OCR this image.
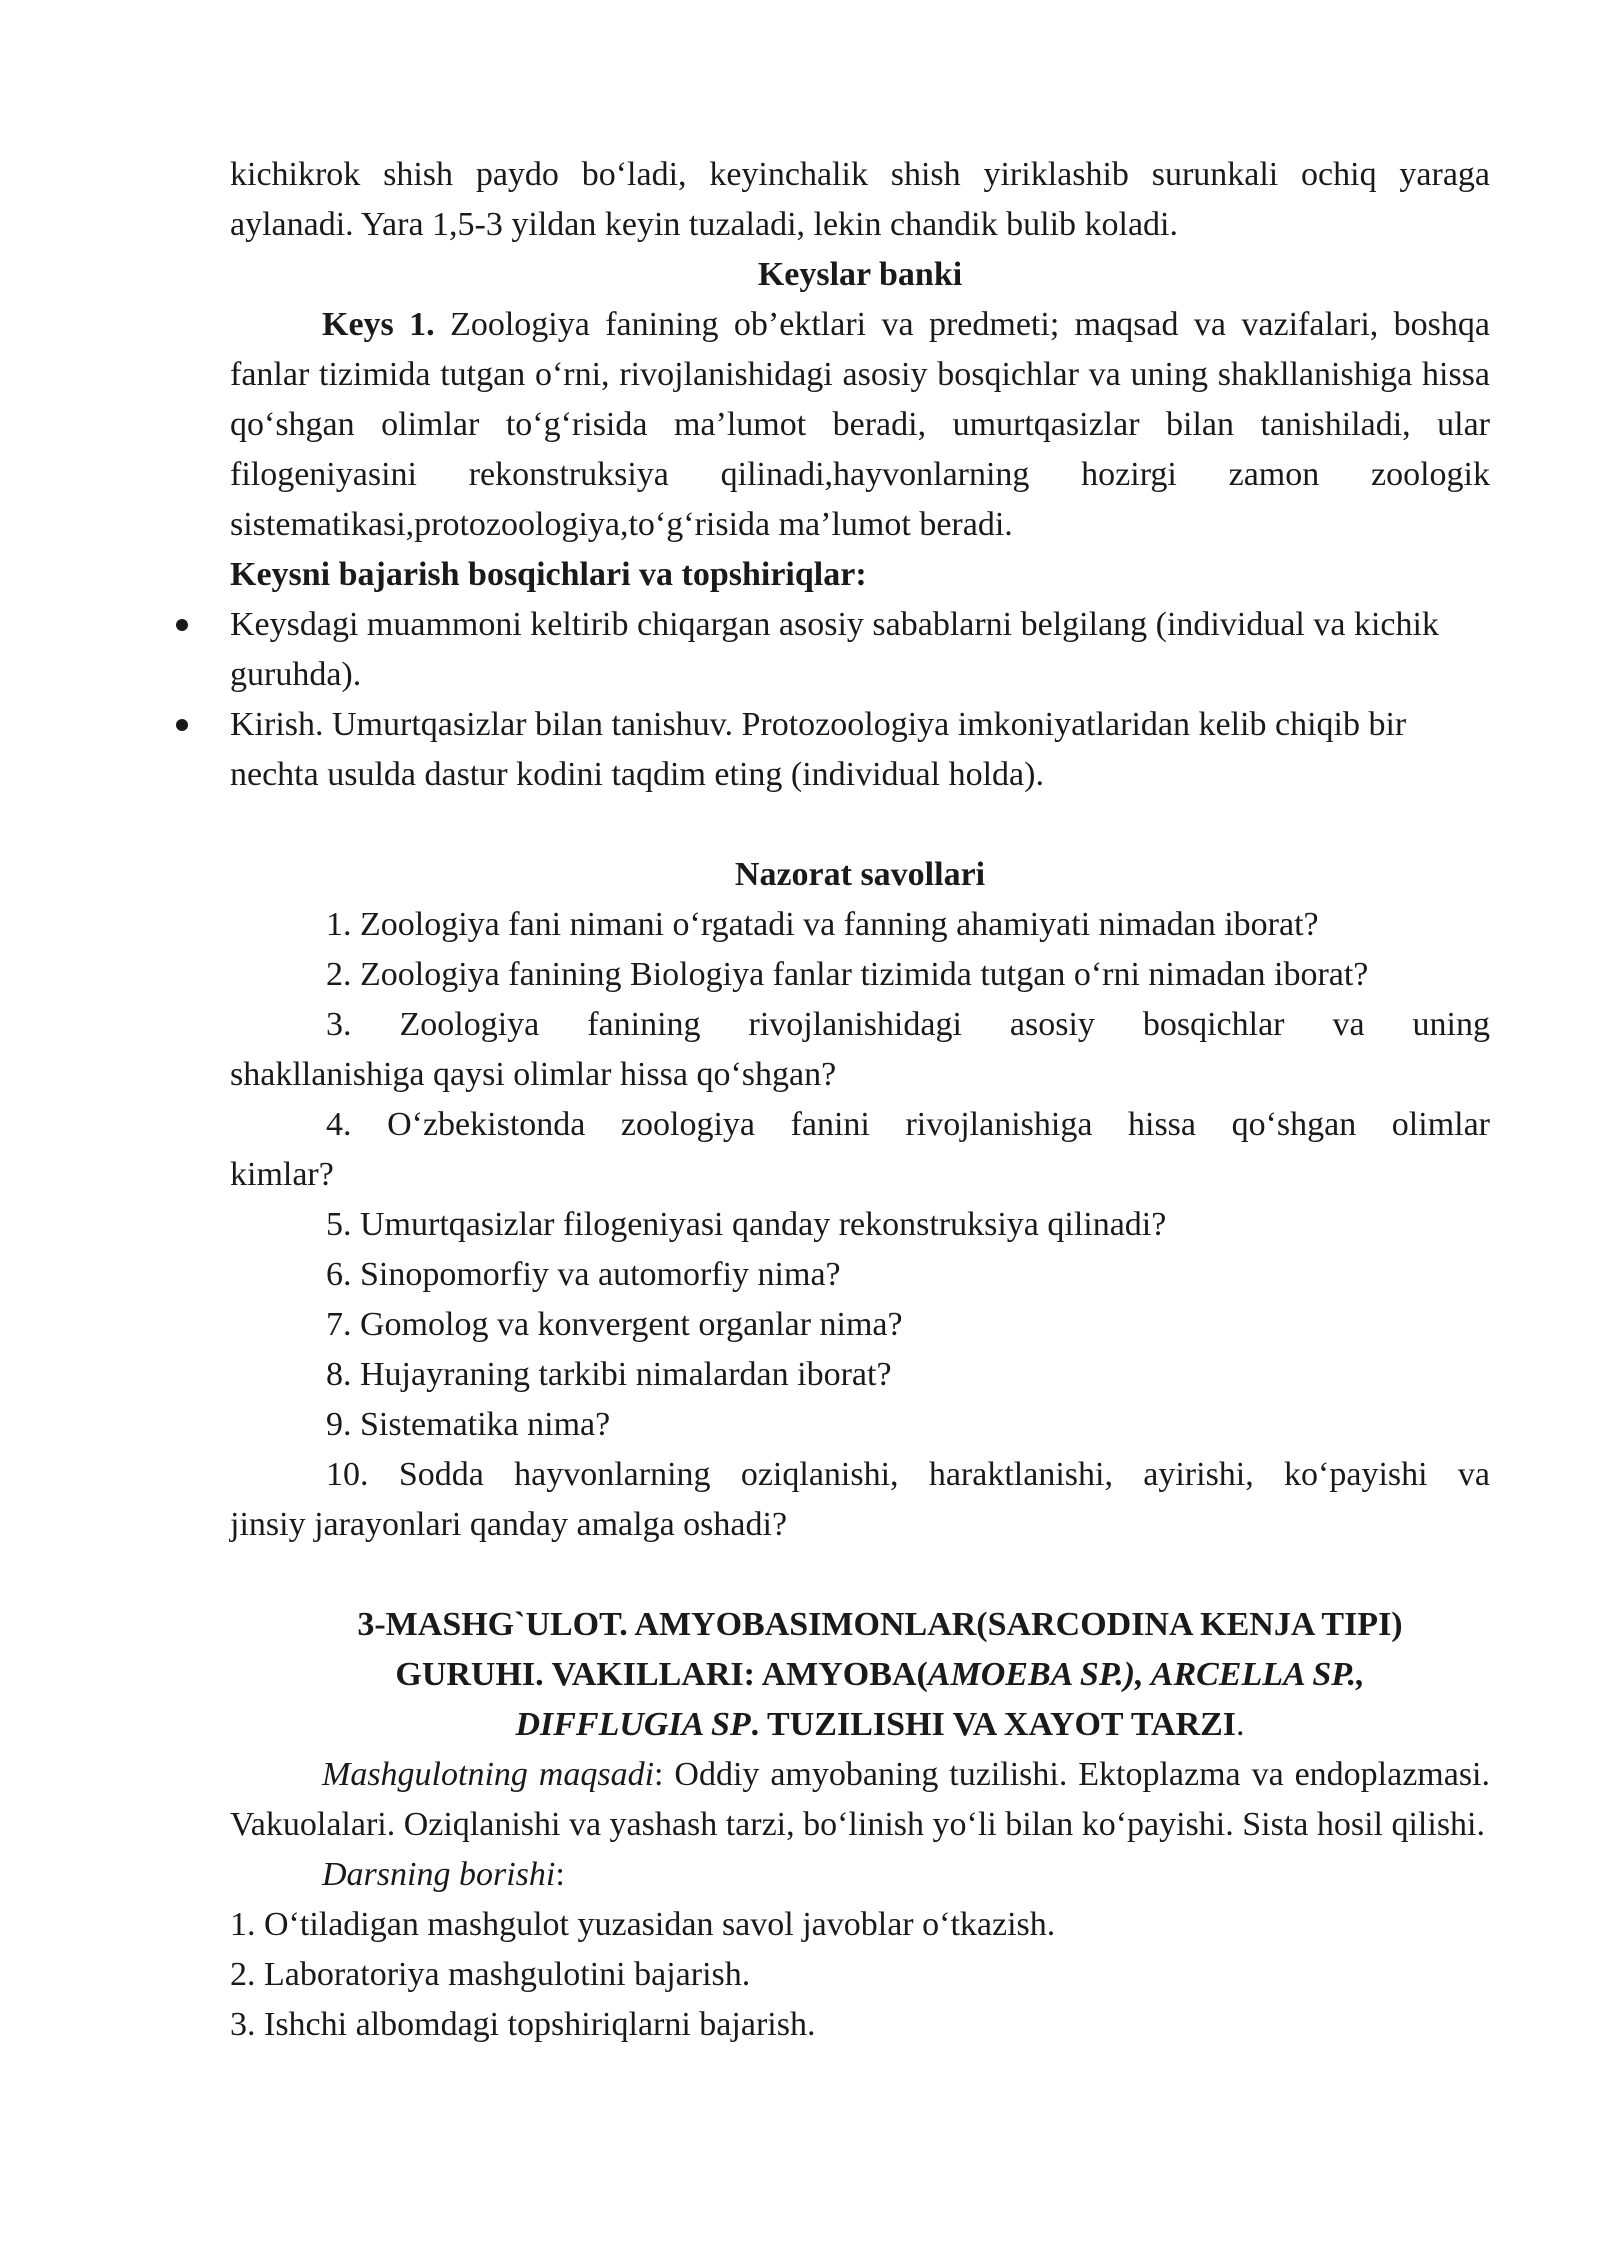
kichikrok shish paydo bo‘ladi, keyinchalik shish yiriklashib surunkali ochiq yaraga

aylanadi. Yara 1,5-3 yildan keyin tuzaladi, lekin chandik bulib koladi.

Keyslar banki

Keys 1. Zoologiya fanining ob’ektlari va predmeti; maqsad va vazifalari, boshqa fanlar tizimida tutgan o‘rni, rivojlanishidagi asosiy bosqichlar va uning shakllanishiga hissa qo‘shgan olimlar to‘g‘risida ma’lumot beradi, umurtqasizlar bilan tanishiladi, ular filogeniyasini rekonstruksiya qilinadi,hayvonlarning hozirgi zamon zoologik sistematikasi,protozoologiya,to‘g‘risida ma’lumot beradi.

Keysni bajarish bosqichlari va topshiriqlar:

Keysdagi muammoni keltirib chiqargan asosiy sabablarni belgilang (individual va kichik guruhda).
Kirish. Umurtqasizlar bilan tanishuv. Protozoologiya imkoniyatlaridan kelib chiqib bir nechta usulda dastur kodini taqdim eting (individual holda).

Nazorat savollari

1. Zoologiya fani nimani o‘rgatadi va fanning ahamiyati nimadan iborat?

2. Zoologiya fanining Biologiya fanlar tizimida tutgan o‘rni nimadan iborat?

3. Zoologiya fanining rivojlanishidagi asosiy bosqichlar va uning

shakllanishiga qaysi olimlar hissa qo‘shgan?

4. O‘zbekistonda zoologiya fanini rivojlanishiga hissa qo‘shgan olimlar

kimlar?

5. Umurtqasizlar filogeniyasi qanday rekonstruksiya qilinadi?

6. Sinopomorfiy va automorfiy nima?

7. Gomolog va konvergent organlar nima?

8. Hujayraning tarkibi nimalardan iborat?

9. Sistematika nima?

10. Sodda hayvonlarning oziqlanishi, haraktlanishi, ayirishi, ko‘payishi va

jinsiy jarayonlari qanday amalga oshadi?

3-MASHG`ULOT. AMYOBASIMONLAR(SARCODINA KENJA TIPI)
GURUHI. VAKILLARI: AMYOBA(AMOEBA SP.), ARCELLA SP.,
DIFFLUGIA SP. TUZILISHI VA XAYOT TARZI.

Mashgulotning maqsadi: Oddiy amyobaning tuzilishi. Ektoplazma va endoplazmasi. Vakuolalari. Oziqlanishi va yashash tarzi, bo‘linish yo‘li bilan ko‘payishi. Sista hosil qilishi.

Darsning borishi:

1. O‘tiladigan mashgulot yuzasidan savol javoblar o‘tkazish.

2. Laboratoriya mashgulotini bajarish.

3. Ishchi albomdagi topshiriqlarni bajarish.
